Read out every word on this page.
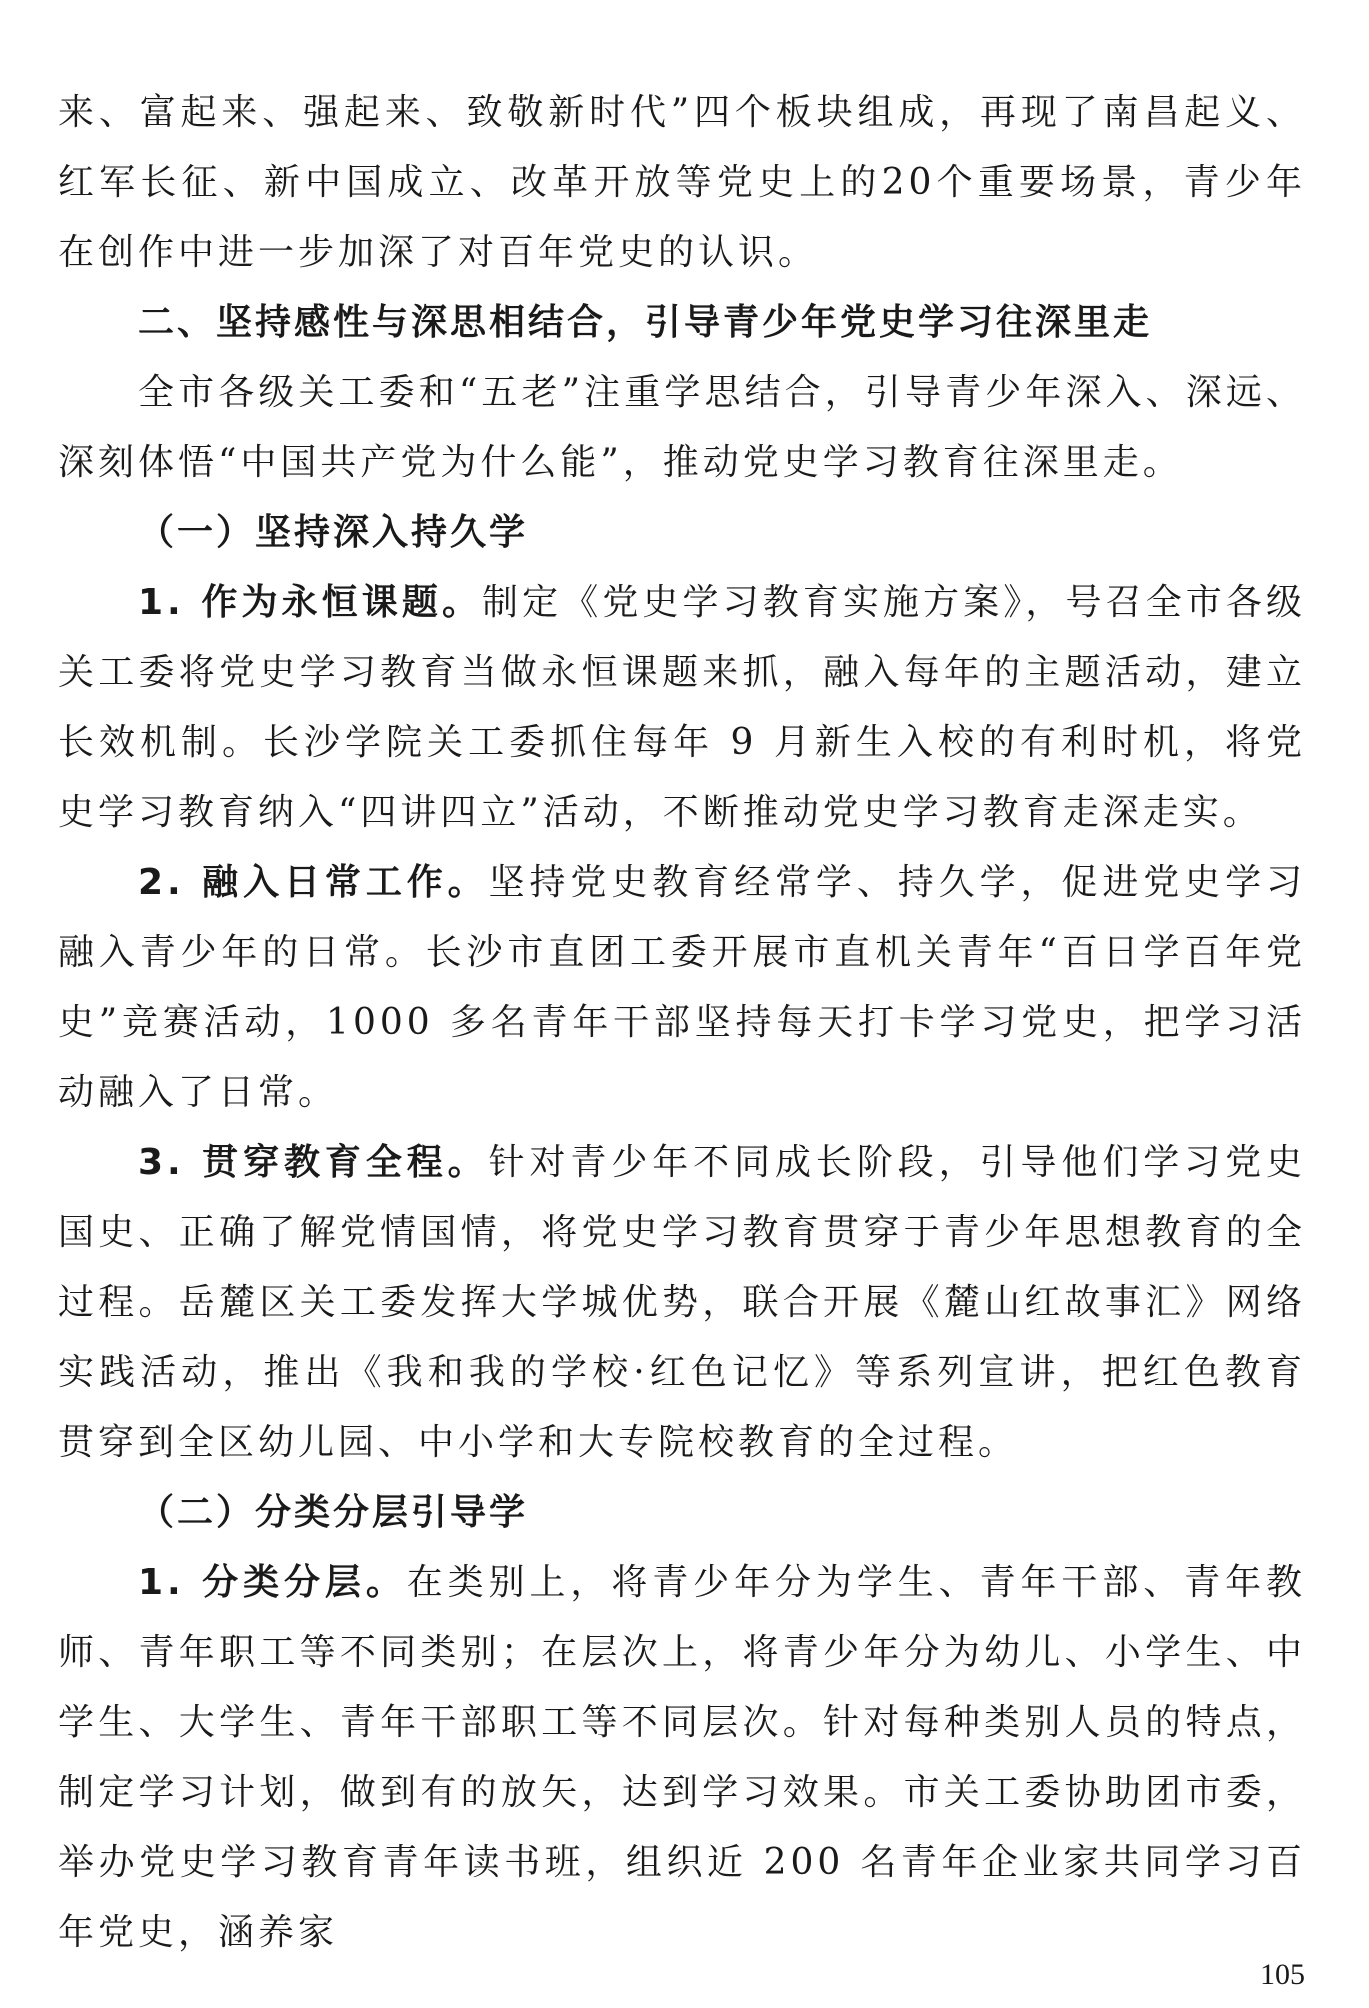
来、富起来、强起来、致敬新时代”四个板块组成，再现了南昌起义、红军长征、新中国成立、改革开放等党史上的20个重要场景，青少年在创作中进一步加深了对百年党史的认识。

二、坚持感性与深思相结合，引导青少年党史学习往深里走

全市各级关工委和“五老”注重学思结合，引导青少年深入、深远、深刻体悟“中国共产党为什么能”，推动党史学习教育往深里走。

（一）坚持深入持久学

1. 作为永恒课题。制定《党史学习教育实施方案》，号召全市各级关工委将党史学习教育当做永恒课题来抓，融入每年的主题活动，建立长效机制。长沙学院关工委抓住每年 9 月新生入校的有利时机，将党史学习教育纳入“四讲四立”活动，不断推动党史学习教育走深走实。

2. 融入日常工作。坚持党史教育经常学、持久学，促进党史学习融入青少年的日常。长沙市直团工委开展市直机关青年“百日学百年党史”竞赛活动，1000 多名青年干部坚持每天打卡学习党史，把学习活动融入了日常。

3. 贯穿教育全程。针对青少年不同成长阶段，引导他们学习党史国史、正确了解党情国情，将党史学习教育贯穿于青少年思想教育的全过程。岳麓区关工委发挥大学城优势，联合开展《麓山红故事汇》网络实践活动，推出《我和我的学校·红色记忆》等系列宣讲，把红色教育贯穿到全区幼儿园、中小学和大专院校教育的全过程。

（二）分类分层引导学

1. 分类分层。在类别上，将青少年分为学生、青年干部、青年教师、青年职工等不同类别；在层次上，将青少年分为幼儿、小学生、中学生、大学生、青年干部职工等不同层次。针对每种类别人员的特点，制定学习计划，做到有的放矢，达到学习效果。市关工委协助团市委，举办党史学习教育青年读书班，组织近 200 名青年企业家共同学习百年党史，涵养家

105
